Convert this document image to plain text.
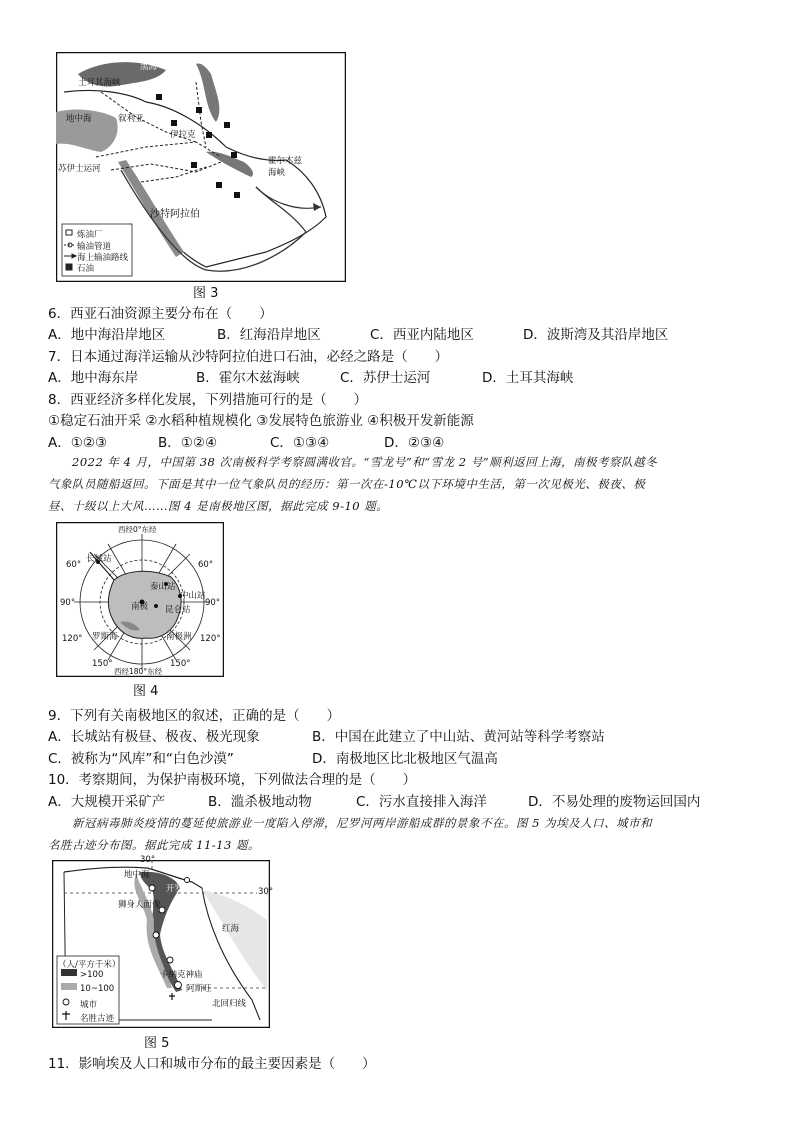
黑海
土耳其海峡
地中海
苏伊士运河
叙利亚
伊拉克
霍尔木兹海峡
沙特阿拉伯
炼油厂
输油管道
海上输油路线
石油
图 3
6．西亚石油资源主要分布在（　　）
A．地中海沿岸地区	B．红海沿岸地区	C．西亚内陆地区	D．波斯湾及其沿岸地区
7．日本通过海洋运输从沙特阿拉伯进口石油，必经之路是（　　）
A．地中海东岸	B．霍尔木兹海峡	C．苏伊士运河	D．土耳其海峡
8．西亚经济多样化发展，下列措施可行的是（　　）
①稳定石油开采 ②水稻种植规模化 ③发展特色旅游业 ④积极开发新能源
A．①②③	B．①②④	C．①③④	D．②③④
2022 年 4 月，中国第 38 次南极科学考察圆满收官。“雪龙号”和“雪龙 2 号”顺利返回上海，南极考察队越冬
气象队员随船返回。下面是其中一位气象队员的经历：第一次在-10℃以下环境中生活，第一次见极光、极夜、极
昼、十级以上大风……图 4 是南极地区图，据此完成 9-10 题。
西经0°东经
西经180°东经
长城站
泰山站
中山站
昆仑站
南极
罗斯海	南极洲
60°	60°
90°	90°
120°	120°
150°	150°
图 4
9．下列有关南极地区的叙述，正确的是（　　）
A．长城站有极昼、极夜、极光现象	B．中国在此建立了中山站、黄河站等科学考察站
C．被称为“风库”和“白色沙漠”	D．南极地区比北极地区气温高
10．考察期间，为保护南极环境，下列做法合理的是（　　）
A．大规模开采矿产	B．滥杀极地动物	C．污水直接排入海洋	D．不易处理的废物运回国内
新冠病毒肺炎疫情的蔓延使旅游业一度陷入停滞，尼罗河两岸游船成群的景象不在。图 5 为埃及人口、城市和
名胜古迹分布图。据此完成 11-13 题。
30°
30°
地中海
开罗
狮身人面像
红海
卡纳克神庙
阿斯旺
北回归线
（人/平方千米）
>100
10~100
城市
名胜古迹
图 5
11．影响埃及人口和城市分布的最主要因素是（　　）
